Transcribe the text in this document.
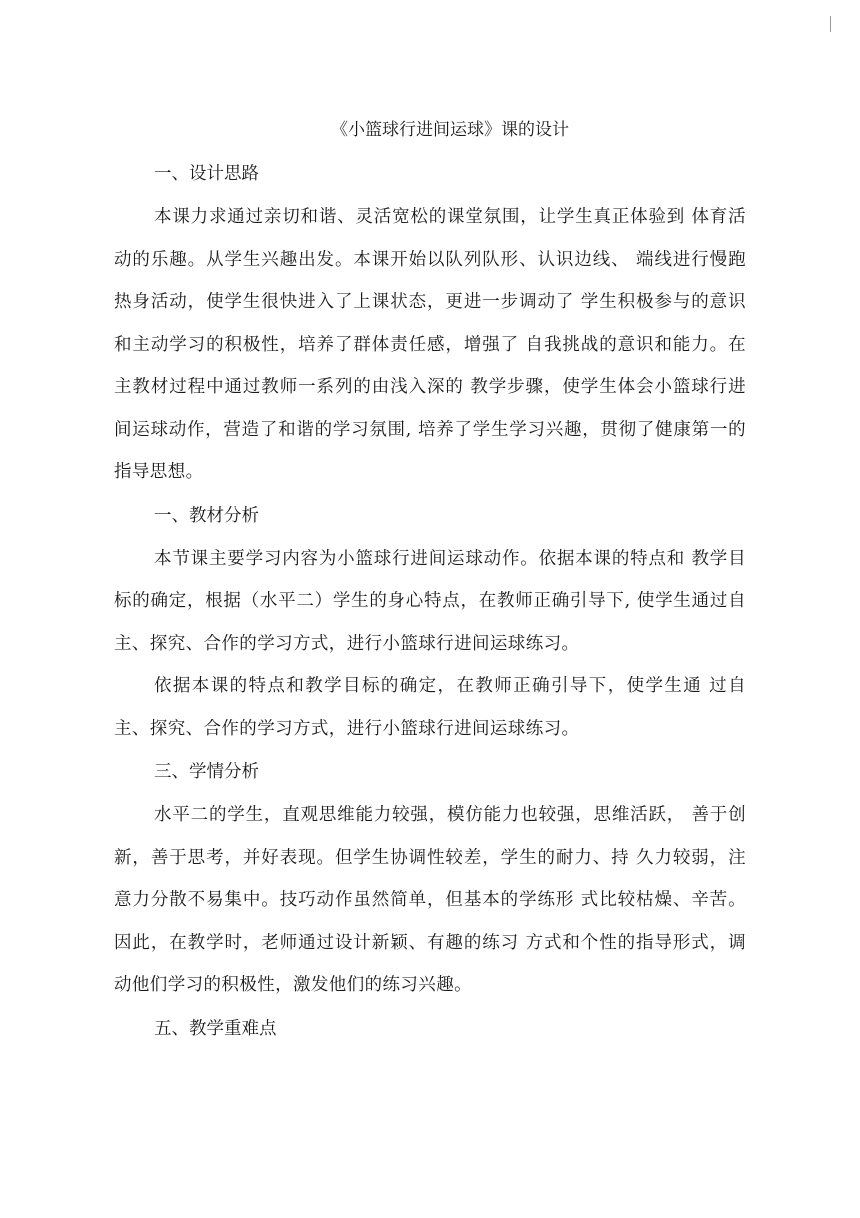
《小篮球行进间运球》课的设计

一、设计思路

本课力求通过亲切和谐、灵活宽松的课堂氛围，让学生真正体验到 体育活动的乐趣。从学生兴趣出发。本课开始以队列队形、认识边线、 端线进行慢跑热身活动，使学生很快进入了上课状态，更进一步调动了 学生积极参与的意识和主动学习的积极性，培养了群体责任感，增强了 自我挑战的意识和能力。在主教材过程中通过教师一系列的由浅入深的 教学步骤，使学生体会小篮球行进间运球动作，营造了和谐的学习氛围, 培养了学生学习兴趣，贯彻了健康第一的指导思想。

一、教材分析

本节课主要学习内容为小篮球行进间运球动作。依据本课的特点和 教学目标的确定，根据（水平二）学生的身心特点，在教师正确引导下, 使学生通过自主、探究、合作的学习方式，进行小篮球行进间运球练习。

依据本课的特点和教学目标的确定，在教师正确引导下，使学生通 过自主、探究、合作的学习方式，进行小篮球行进间运球练习。

三、学情分析

水平二的学生，直观思维能力较强，模仿能力也较强，思维活跃， 善于创新，善于思考，并好表现。但学生协调性较差，学生的耐力、持 久力较弱，注意力分散不易集中。技巧动作虽然简单，但基本的学练形 式比较枯燥、辛苦。因此，在教学时，老师通过设计新颖、有趣的练习 方式和个性的指导形式，调动他们学习的积极性，激发他们的练习兴趣。

五、教学重难点
